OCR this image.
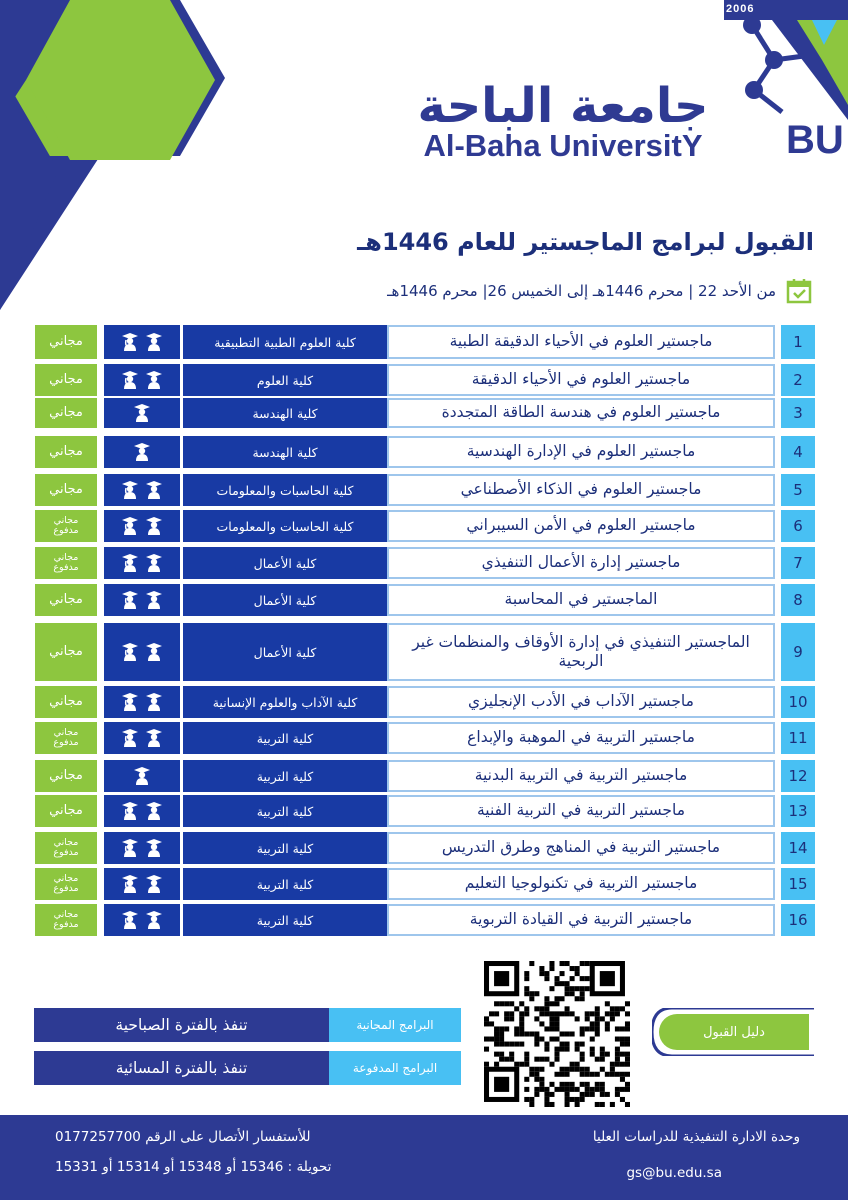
2006
BU
جامعة الباحة
Al-Baha UniversitY
القبول لبرامج الماجستير للعام 1446هـ
من الأحد 22 | محرم 1446هـ إلى الخميس 26| محرم 1446هـ
1
ماجستير العلوم في الأحياء الدقيقة الطبية
كلية العلوم الطبية التطبيقية
مجاني
2
ماجستير العلوم في الأحياء الدقيقة
كلية العلوم
مجاني
3
ماجستير العلوم في هندسة الطاقة المتجددة
كلية الهندسة
مجاني
4
ماجستير العلوم في الإدارة الهندسية
كلية الهندسة
مجاني
5
ماجستير العلوم في الذكاء الأصطناعي
كلية الحاسبات والمعلومات
مجاني
6
ماجستير العلوم في الأمن السيبراني
كلية الحاسبات والمعلومات
مجاني
مدفوع
7
ماجستير إدارة الأعمال التنفيذي
كلية الأعمال
مجاني
مدفوع
8
الماجستير في المحاسبة
كلية الأعمال
مجاني
9
الماجستير التنفيذي في إدارة الأوقاف والمنظمات غير الربحية
كلية الأعمال
مجاني
10
ماجستير الآداب في الأدب الإنجليزي
كلية الآداب والعلوم الإنسانية
مجاني
11
ماجستير التربية في الموهبة والإبداع
كلية التربية
مجاني
مدفوع
12
ماجستير التربية في التربية البدنية
كلية التربية
مجاني
13
ماجستير التربية في التربية الفنية
كلية التربية
مجاني
14
ماجستير التربية في المناهج وطرق التدريس
كلية التربية
مجاني
مدفوع
15
ماجستير التربية في تكنولوجيا التعليم
كلية التربية
مجاني
مدفوع
16
ماجستير التربية في القيادة التربوية
كلية التربية
مجاني
مدفوع
تنفذ بالفترة الصباحية	البرامج المجانية
تنفذ بالفترة المسائية	البرامج المدفوعة
دليل القبول
وحدة الادارة التنفيذية للدراسات العليا
gs@bu.edu.sa
للأستفسار الأتصال على الرقم 0177257700
تحويلة : 15346 أو 15348 أو 15314 أو 15331
